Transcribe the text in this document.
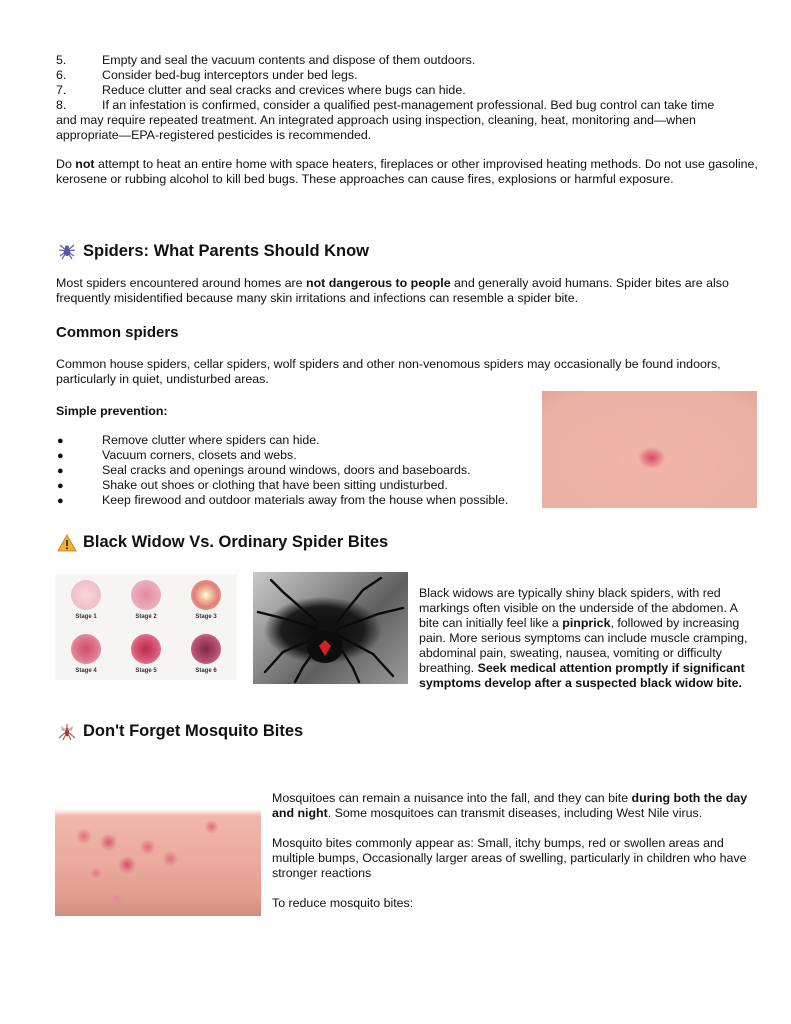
5.	Empty and seal the vacuum contents and dispose of them outdoors.
6.	Consider bed-bug interceptors under bed legs.
7.	Reduce clutter and seal cracks and crevices where bugs can hide.
8.	If an infestation is confirmed, consider a qualified pest-management professional. Bed bug control can take time
and may require repeated treatment. An integrated approach using inspection, cleaning, heat, monitoring and—when
appropriate—EPA-registered pesticides is recommended.

Do not attempt to heat an entire home with space heaters, fireplaces or other improvised heating methods. Do not use gasoline, kerosene or rubbing alcohol to kill bed bugs. These approaches can cause fires, explosions or harmful exposure.

Spiders: What Parents Should Know

Most spiders encountered around homes are not dangerous to people and generally avoid humans. Spider bites are also frequently misidentified because many skin irritations and infections can resemble a spider bite.

Common spiders

Common house spiders, cellar spiders, wolf spiders and other non-venomous spiders may occasionally be found indoors, particularly in quiet, undisturbed areas.

Simple prevention:
●	Remove clutter where spiders can hide.
●	Vacuum corners, closets and webs.
●	Seal cracks and openings around windows, doors and baseboards.
●	Shake out shoes or clothing that have been sitting undisturbed.
●	Keep firewood and outdoor materials away from the house when possible.
Black Widow Vs. Ordinary Spider Bites
Stage 1	Stage 2	Stage 3
Stage 4	Stage 5	Stage 6

Black widows are typically shiny black spiders, with red markings often visible on the underside of the abdomen. A bite can initially feel like a pinprick, followed by increasing pain. More serious symptoms can include muscle cramping, abdominal pain, sweating, nausea, vomiting or difficulty breathing. Seek medical attention promptly if significant symptoms develop after a suspected black widow bite.

Don't Forget Mosquito Bites

Mosquitoes can remain a nuisance into the fall, and they can bite during both the day and night. Some mosquitoes can transmit diseases, including West Nile virus.

Mosquito bites commonly appear as: Small, itchy bumps, red or swollen areas and multiple bumps, Occasionally larger areas of swelling, particularly in children who have stronger reactions

To reduce mosquito bites:
